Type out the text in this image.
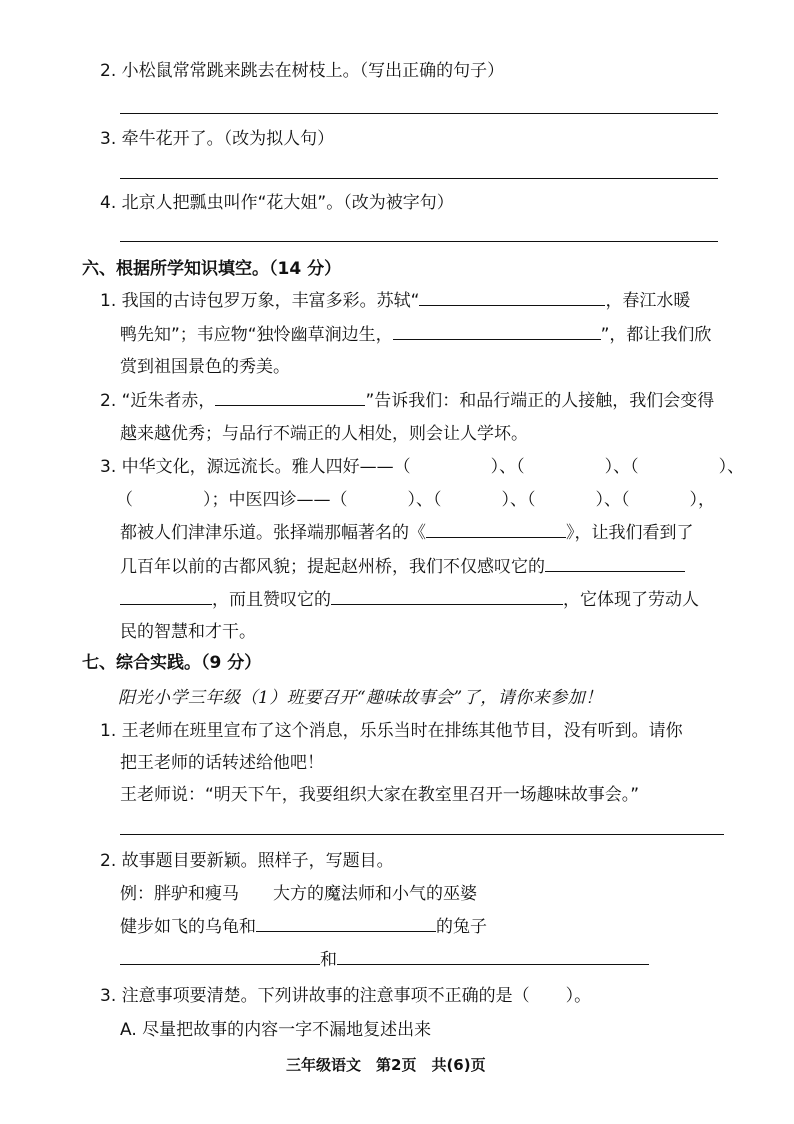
2. 小松鼠常常跳来跳去在树枝上。（写出正确的句子）
3. 牵牛花开了。（改为拟人句）
4. 北京人把瓢虫叫作“花大姐”。（改为被字句）
六、根据所学知识填空。（14 分）
1. 我国的古诗包罗万象，丰富多彩。苏轼“	，春江水暖
鸭先知”；韦应物“独怜幽草涧边生，	”，都让我们欣
赏到祖国景色的秀美。
2. “近朱者赤，	”告诉我们：和品行端正的人接触，我们会变得
越来越优秀；与品行不端正的人相处，则会让人学坏。
3. 中华文化，源远流长。雅人四好——（	）、（	）、（	）、
（	）；中医四诊——（	）、（	）、（	）、（	），
都被人们津津乐道。张择端那幅著名的《	》，让我们看到了
几百年以前的古都风貌；提起赵州桥，我们不仅感叹它的
，而且赞叹它的	，它体现了劳动人
民的智慧和才干。
七、综合实践。（9 分）
阳光小学三年级（1）班要召开“趣味故事会”了，请你来参加！
1. 王老师在班里宣布了这个消息，乐乐当时在排练其他节目，没有听到。请你
把王老师的话转述给他吧！
王老师说：“明天下午，我要组织大家在教室里召开一场趣味故事会。”
2. 故事题目要新颖。照样子，写题目。
例：胖驴和瘦马　　大方的魔法师和小气的巫婆
健步如飞的乌龟和	的兔子
和
3. 注意事项要清楚。下列讲故事的注意事项不正确的是（ ）。
A. 尽量把故事的内容一字不漏地复述出来
三年级语文　第2页　共(6)页
